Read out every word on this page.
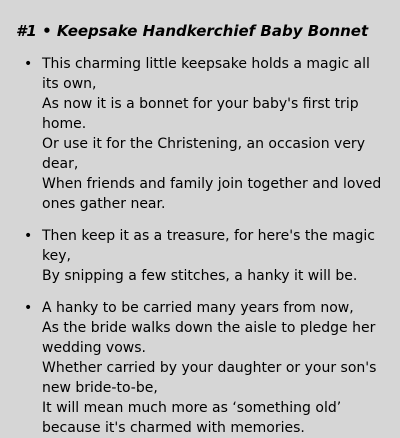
#1 • Keepsake Handkerchief Baby Bonnet
• This charming little keepsake holds a magic all its own,
As now it is a bonnet for your baby's first trip home.
Or use it for the Christening, an occasion very dear,
When friends and family join together and loved ones gather near.
• Then keep it as a treasure, for here's the magic key,
By snipping a few stitches, a hanky it will be.
• A hanky to be carried many years from now,
As the bride walks down the aisle to pledge her wedding vows.
Whether carried by your daughter or your son's new bride-to-be,
It will mean much more as ‘something old’ because it's charmed with memories.
